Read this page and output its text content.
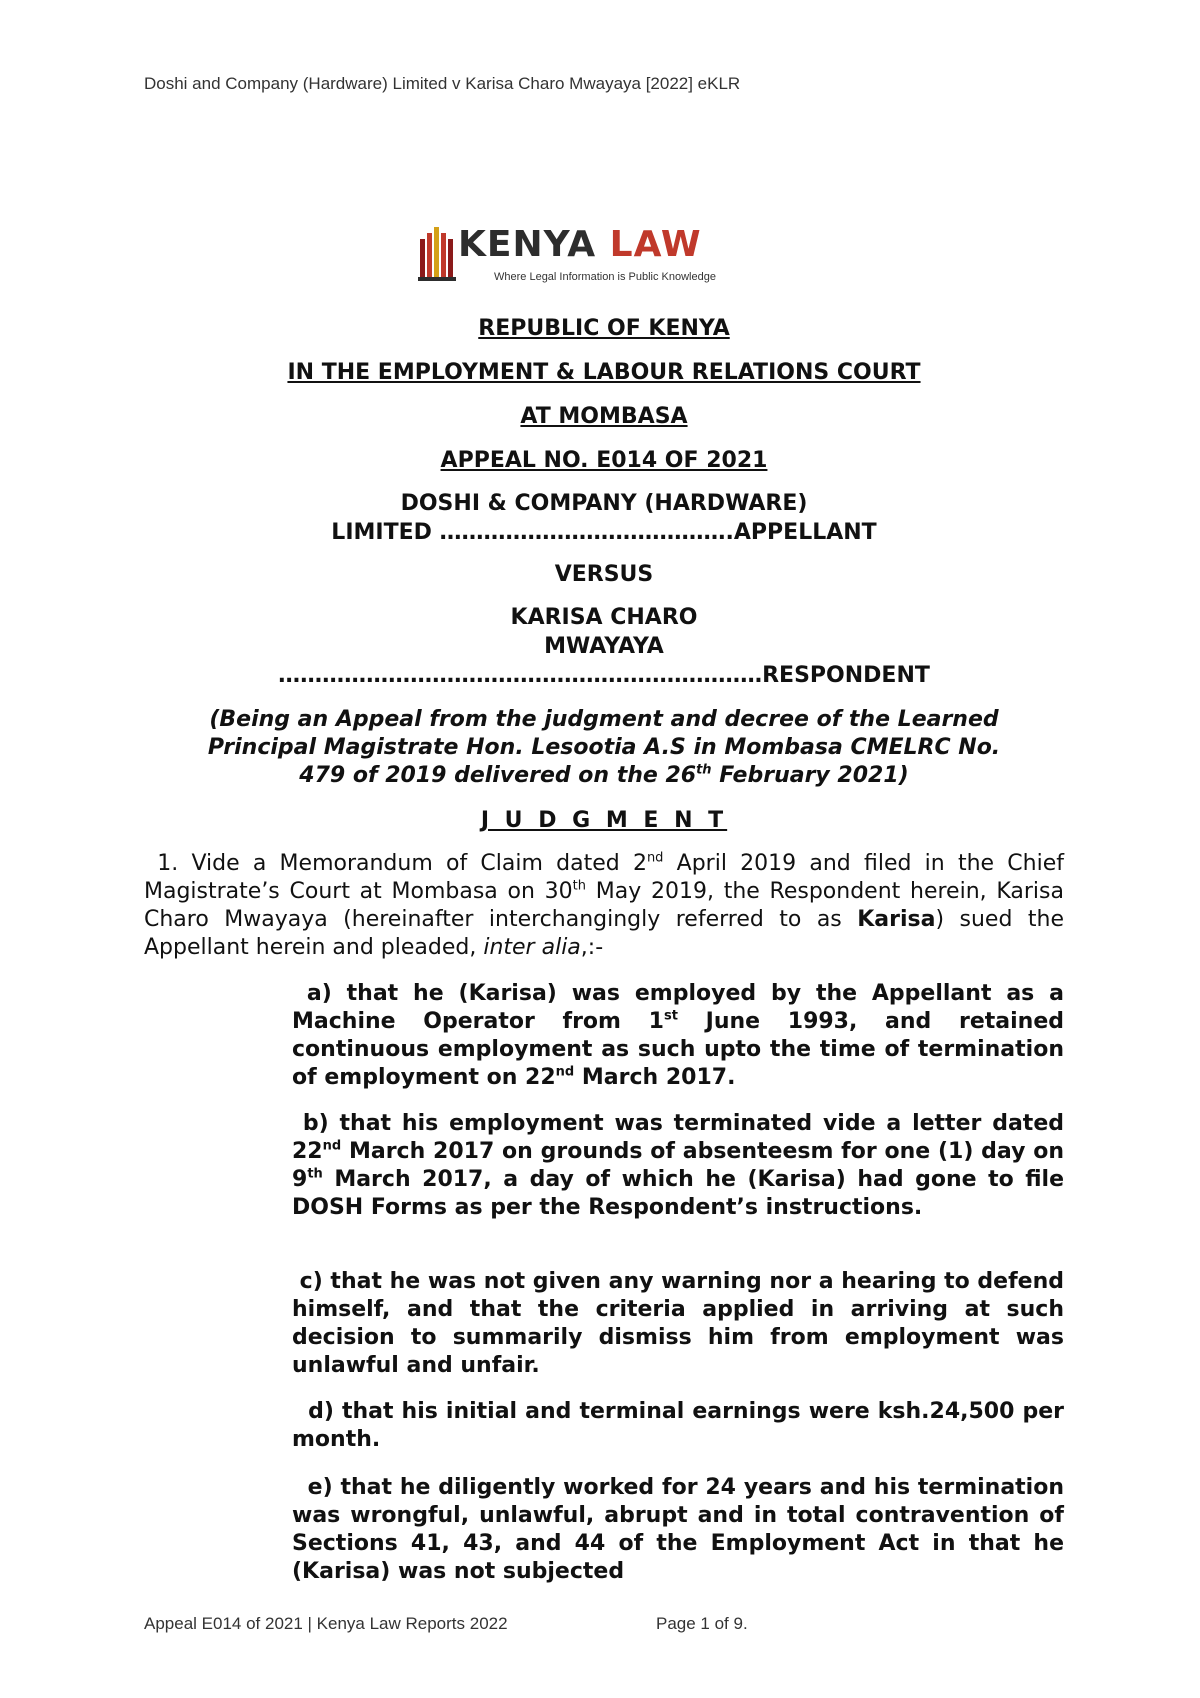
Doshi and Company (Hardware) Limited v Karisa Charo Mwayaya [2022] eKLR
KENYA LAW
Where Legal Information is Public Knowledge
REPUBLIC OF KENYA
IN THE EMPLOYMENT & LABOUR RELATIONS COURT
AT MOMBASA
APPEAL NO. E014 OF 2021
DOSHI & COMPANY (HARDWARE)
LIMITED ………………………………….APPELLANT
VERSUS
KARISA CHARO
MWAYAYA
…………………………………………………………RESPONDENT
(Being an Appeal from the judgment and decree of the Learned
Principal Magistrate Hon. Lesootia A.S in Mombasa CMELRC No.
479 of 2019 delivered on the 26th February 2021)
J U D G M E N T
1. Vide a Memorandum of Claim dated 2nd April 2019 and filed in the Chief Magistrate’s Court at Mombasa on 30th May 2019, the Respondent herein, Karisa Charo Mwayaya (hereinafter interchangingly referred to as Karisa) sued the Appellant herein and pleaded, inter alia,:-
a) that he (Karisa) was employed by the Appellant as a Machine Operator from 1st June 1993, and retained continuous employment as such upto the time of termination of employment on 22nd March 2017.
b) that his employment was terminated vide a letter dated 22nd March 2017 on grounds of absenteesm for one (1) day on 9th March 2017, a day of which he (Karisa) had gone to file DOSH Forms as per the Respondent’s instructions.
c) that he was not given any warning nor a hearing to defend himself, and that the criteria applied in arriving at such decision to summarily dismiss him from employment was unlawful and unfair.
d) that his initial and terminal earnings were ksh.24,500 per month.
e) that he diligently worked for 24 years and his termination was wrongful, unlawful, abrupt and in total contravention of Sections 41, 43, and 44 of the Employment Act in that he (Karisa) was not subjected
Appeal E014 of 2021 | Kenya Law Reports 2022	Page 1 of 9.
